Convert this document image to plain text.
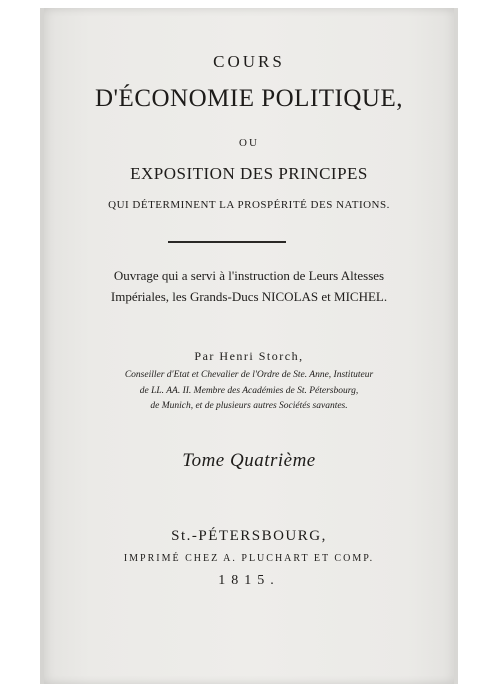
COURS
D'ÉCONOMIE POLITIQUE,
OU
EXPOSITION DES PRINCIPES
QUI DÉTERMINENT LA PROSPÉRITÉ DES NATIONS.
Ouvrage qui a servi à l'instruction de Leurs Altesses
Impériales, les Grands-Ducs NICOLAS et MICHEL.
Par Henri Storch,
Conseiller d'Etat et Chevalier de l'Ordre de Ste. Anne, Instituteur
de LL. AA. II. Membre des Académies de St. Pétersbourg,
de Munich, et de plusieurs autres Sociétés savantes.
Tome Quatrième
St.-PÉTERSBOURG,
IMPRIMÉ CHEZ A. PLUCHART ET COMP.
1815.
